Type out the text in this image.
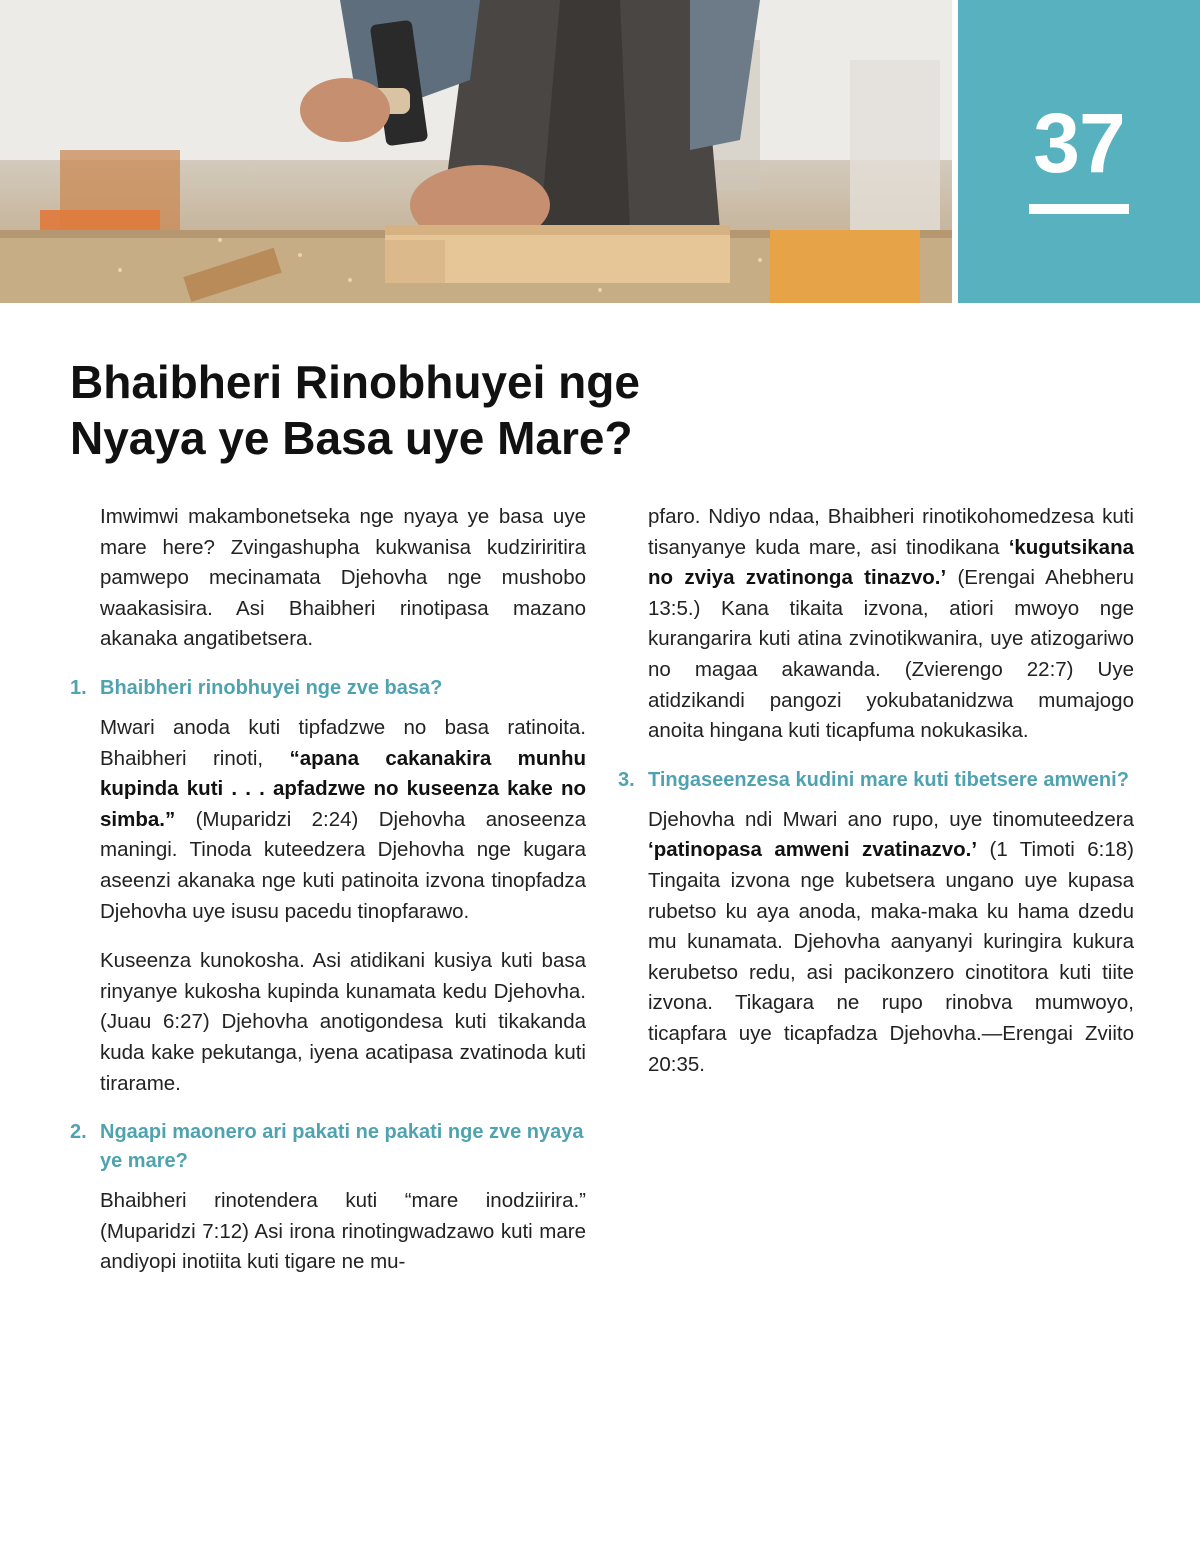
37
Bhaibheri Rinobhuyei nge
Nyaya ye Basa uye Mare?

Imwimwi makambonetseka nge nyaya ye basa uye mare here? Zvingashupha kukwanisa kudziriritira pamwepo mecinamata Djehovha nge mushobo waakasisira. Asi Bhaibheri rinotipasa mazano akanaka angatibetsera.

1. Bhaibheri rinobhuyei nge zve basa?

Mwari anoda kuti tipfadzwe no basa ratinoita. Bhaibheri rinoti, “apana cakanakira munhu kupinda kuti . . . apfadzwe no kuseenza kake no simba.” (Muparidzi 2:24) Djehovha anoseenza maningi. Tinoda kuteedzera Djehovha nge kugara aseenzi akanaka nge kuti patinoita izvona tinopfadza Djehovha uye isusu pacedu tinopfarawo.

Kuseenza kunokosha. Asi atidikani kusiya kuti basa rinyanye kukosha kupinda kunamata kedu Djehovha. (Juau 6:27) Djehovha anotigondesa kuti tikakanda kuda kake pekutanga, iyena acatipasa zvatinoda kuti tirarame.

2. Ngaapi maonero ari pakati ne pakati nge zve nyaya ye mare?

Bhaibheri rinotendera kuti “mare inodziirira.” (Muparidzi 7:12) Asi irona rinotingwadzawo kuti mare andiyopi inotiita kuti tigare ne mu-

pfaro. Ndiyo ndaa, Bhaibheri rinotikohomedzesa kuti tisanyanye kuda mare, asi tinodikana ‘kugutsikana no zviya zvatinonga tinazvo.’ (Erengai Ahebheru 13:5.) Kana tikaita izvona, atiori mwoyo nge kurangarira kuti atina zvinotikwanira, uye atizogariwo no magaa akawanda. (Zvierengo 22:7) Uye atidzikandi pangozi yokubatanidzwa mumajogo anoita hingana kuti ticapfuma nokukasika.

3. Tingaseenzesa kudini mare kuti tibetsere amweni?

Djehovha ndi Mwari ano rupo, uye tinomuteedzera ‘patinopasa amweni zvatinazvo.’ (1 Timoti 6:18) Tingaita izvona nge kubetsera ungano uye kupasa rubetso ku aya anoda, maka-maka ku hama dzedu mu kunamata. Djehovha aanyanyi kuringira kukura kerubetso redu, asi pacikonzero cinotitora kuti tiite izvona. Tikagara ne rupo rinobva mumwoyo, ticapfara uye ticapfadza Djehovha.—Erengai Zviito 20:35.
